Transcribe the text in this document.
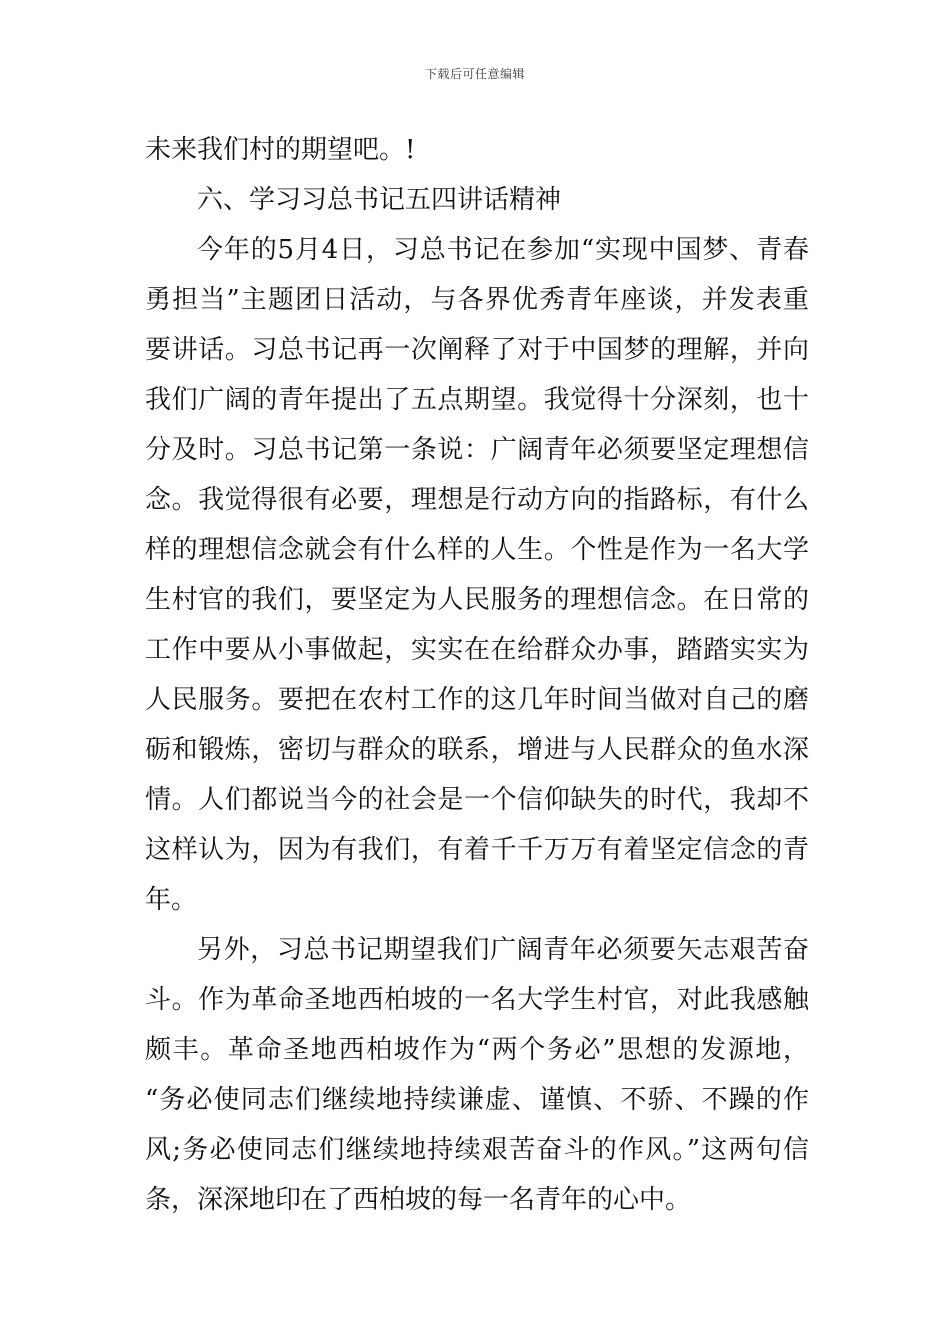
下载后可任意编辑
未来我们村的期望吧。!
六、学习习总书记五四讲话精神
今年的5月4日，习总书记在参加“实现中国梦、青春
勇担当”主题团日活动，与各界优秀青年座谈，并发表重
要讲话。习总书记再一次阐释了对于中国梦的理解，并向
我们广阔的青年提出了五点期望。我觉得十分深刻，也十
分及时。习总书记第一条说：广阔青年必须要坚定理想信
念。我觉得很有必要，理想是行动方向的指路标，有什么
样的理想信念就会有什么样的人生。个性是作为一名大学
生村官的我们，要坚定为人民服务的理想信念。在日常的
工作中要从小事做起，实实在在给群众办事，踏踏实实为
人民服务。要把在农村工作的这几年时间当做对自己的磨
砺和锻炼，密切与群众的联系，增进与人民群众的鱼水深
情。人们都说当今的社会是一个信仰缺失的时代，我却不
这样认为，因为有我们，有着千千万万有着坚定信念的青
年。
另外，习总书记期望我们广阔青年必须要矢志艰苦奋
斗。作为革命圣地西柏坡的一名大学生村官，对此我感触
颇丰。革命圣地西柏坡作为“两个务必”思想的发源地，
“务必使同志们继续地持续谦虚、谨慎、不骄、不躁的作
风;务必使同志们继续地持续艰苦奋斗的作风。”这两句信
条，深深地印在了西柏坡的每一名青年的心中。
